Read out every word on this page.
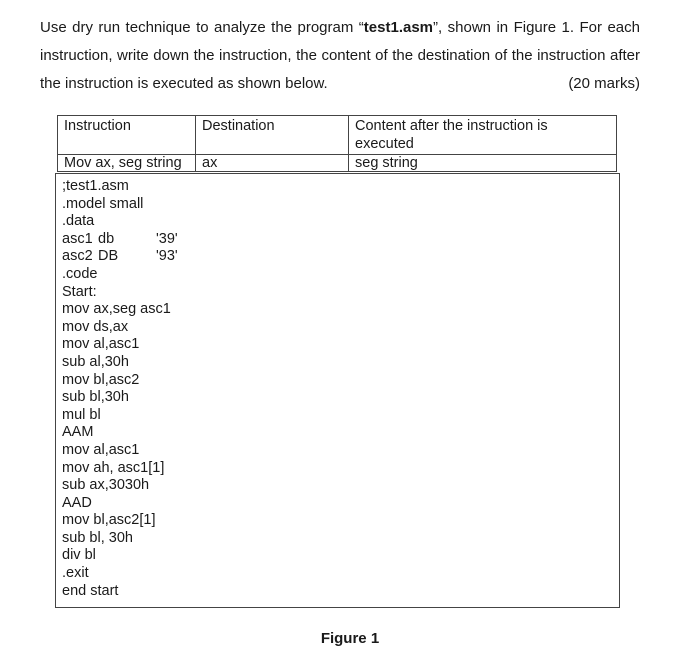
Use dry run technique to analyze the program “test1.asm”, shown in Figure 1. For each
instruction, write down the instruction, the content of the destination of the instruction after
the instruction is executed as shown below.	(20 marks)
Instruction	Destination	Content after the instruction is executed
Mov ax, seg string	ax	seg string
;test1.asm
.model small
.data
asc1 db	'39'
asc2 DB	'93'
.code
Start:
mov ax,seg asc1
mov ds,ax
mov al,asc1
sub al,30h
mov bl,asc2
sub bl,30h
mul bl
AAM
mov al,asc1
mov ah, asc1[1]
sub ax,3030h
AAD
mov bl,asc2[1]
sub bl, 30h
div bl
.exit
end start
Figure 1
